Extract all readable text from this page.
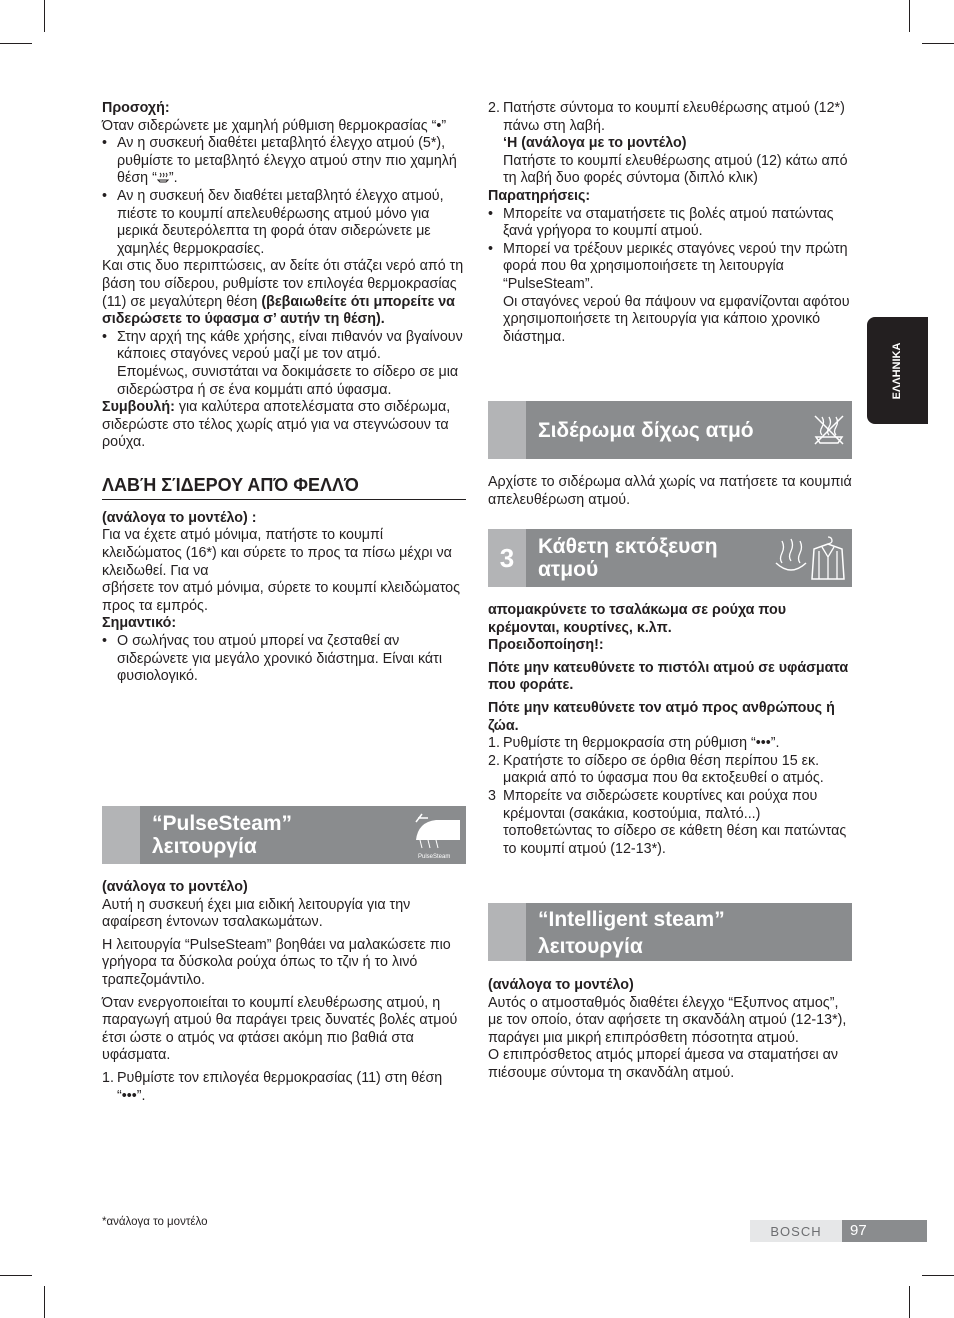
ΕΛΛΗΝΙΚΑ

Προσοχή:

Όταν σιδερώνετε με χαμηλή ρύθμιση θερμοκρασίας “•”

• Αν η συσκευή διαθέτει μεταβλητό έλεγχο ατμού (5*), ρυθμίστε το μεταβλητό έλεγχο ατμού στην πιο χαμηλή θέση “ ”.

• Αν η συσκευή δεν διαθέτει μεταβλητό έλεγχο ατμού, πιέστε το κουμπί απελευθέρωσης ατμού μόνο για μερικά δευτερόλεπτα τη φορά όταν σιδερώνετε με χαμηλές θερμοκρασίες.

Και στις δυο περιπτώσεις, αν δείτε ότι στάζει νερό από τη βάση του σίδερου, ρυθμίστε τον επιλογέα θερμοκρασίας (11) σε μεγαλύτερη θέση (βεβαιωθείτε ότι μπορείτε να σιδερώσετε το ύφασμα σ’ αυτήν τη θέση).

• Στην αρχή της κάθε χρήσης, είναι πιθανόν να βγαίνουν κάποιες σταγόνες νερού μαζί με τον ατμό.

Επομένως, συνιστάται να δοκιμάσετε το σίδερο σε μια σιδερώστρα ή σε ένα κομμάτι από ύφασμα.

Συμβουλή: για καλύτερα αποτελέσματα στο σιδέρωμα, σιδερώστε στο τέλος χωρίς ατμό για να στεγνώσουν τα ρούχα.

ΛΑΒΉ ΣΊΔΕΡΟΥ ΑΠΌ ΦΕΛΛΌ

(ανάλογα το μοντέλο) :

Για να έχετε ατμό μόνιμα, πατήστε το κουμπί κλειδώματος (16*) και σύρετε το προς τα πίσω μέχρι να κλειδωθεί. Για να

σβήσετε τον ατμό μόνιμα, σύρετε το κουμπί κλειδώματος προς τα εμπρός.

Σημαντικό:

• Ο σωλήνας του ατμού μπορεί να ζεσταθεί αν σιδερώνετε για μεγάλο χρονικό διάστημα. Είναι κάτι φυσιολογικό.

“PulseSteam”
λειτουργία	PulseSteam

(ανάλογα το μοντέλο)

Αυτή η συσκευή έχει μια ειδική λειτουργία για την αφαίρεση έντονων τσαλακωμάτων.

Η λειτουργία “PulseSteam” βοηθάει να μαλακώσετε πιο γρήγορα τα δύσκολα ρούχα όπως το τζιν ή το λινό τραπεζομάντιλο.

Όταν ενεργοποιείται το κουμπί ελευθέρωσης ατμού, η παραγωγή ατμού θα παράγει τρεις δυνατές βολές ατμού έτσι ώστε ο ατμός να φτάσει ακόμη πιο βαθιά στα υφάσματα.

1. Ρυθμίστε τον επιλογέα θερμοκρασίας (11) στη θέση “•••”.

2. Πατήστε σύντομα το κουμπί ελευθέρωσης ατμού (12*) πάνω στη λαβή.

‘Η (ανάλογα με το μοντέλο)

Πατήστε το κουμπί ελευθέρωσης ατμού (12) κάτω από τη λαβή δυο φορές σύντομα (διπλό κλικ)

Παρατηρήσεις:

• Μπορείτε να σταματήσετε τις βολές ατμού πατώντας ξανά γρήγορα το κουμπί ατμού.

• Μπορεί να τρέξουν μερικές σταγόνες νερού την πρώτη φορά που θα χρησιμοποιήσετε τη λειτουργία “PulseSteam”.

Οι σταγόνες νερού θα πάψουν να εμφανίζονται αφότου χρησιμοποιήσετε τη λειτουργία για κάποιο χρονικό διάστημα.

Σιδέρωμα δίχως ατμό

Αρχίστε το σιδέρωμα αλλά χωρίς να πατήσετε τα κουμπιά απελευθέρωση ατμού.

3	Κάθετη εκτόξευση
ατμού

απομακρύνετε το τσαλάκωμα σε ρούχα που κρέμονται, κουρτίνες, κ.λπ.

Προειδοποίηση!:

Πότε μην κατευθύνετε το πιστόλι ατμού σε υφάσματα που φοράτε.

Πότε μην κατευθύνετε τον ατμό προς ανθρώπους ή ζώα.

1. Ρυθμίστε τη θερμοκρασία στη ρύθμιση “•••”.

2. Κρατήστε το σίδερο σε όρθια θέση περίπου 15 εκ. μακριά από το ύφασμα που θα εκτοξευθεί ο ατμός.

3 Μπορείτε να σιδερώσετε κουρτίνες και ρούχα που κρέμονται (σακάκια, κοστούμια, παλτό...) τοποθετώντας το σίδερο σε κάθετη θέση και πατώντας το κουμπί ατμού (12-13*).

“Intelligent steam”
λειτουργία

(ανάλογα το μοντέλο)

Αυτός ο ατμοσταθμός διαθέτει έλεγχο “Εξυπνος ατμος”, με τον οποίο, όταν αφήσετε τη σκανδάλη ατμού (12-13*), παράγει μια μικρή επιπρόσθετη πόσοτητα ατμού.

Ο επιπρόσθετος ατμός μπορεί άμεσα να σταματήσει αν πιέσουμε σύντομα τη σκανδάλη ατμού.

*ανάλογα το μοντέλο
BOSCH	97
